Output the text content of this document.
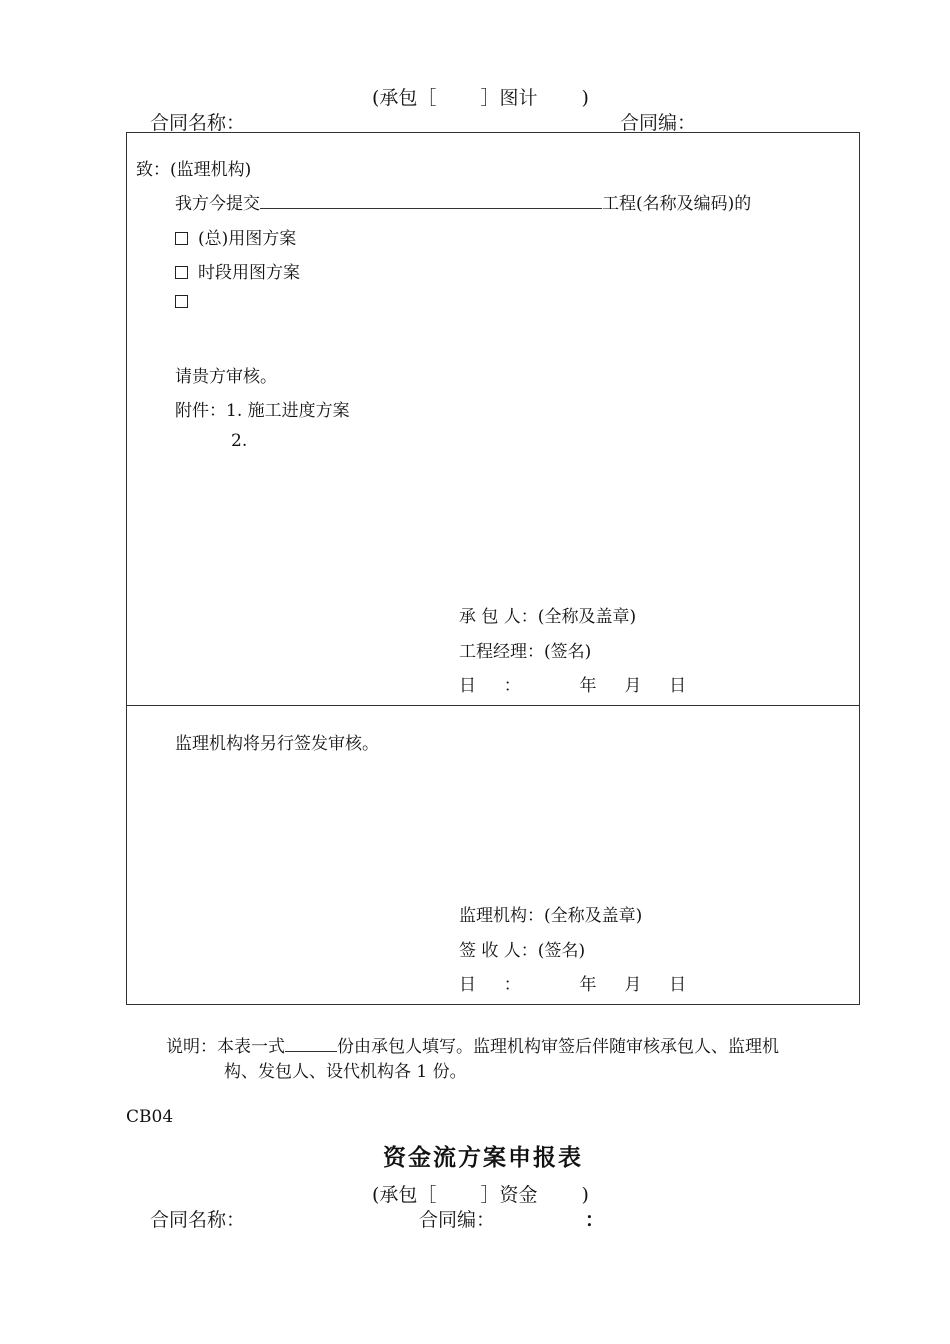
(承包［　　 ］图计　　 )
合同名称：	合同编：
致：(监理机构)
我方今提交	工程(名称及编码)的
(总)用图方案
时段用图方案
请贵方审核。
附件：1. 施工进度方案
2.
承 包 人：(全称及盖章)
工程经理：(签名)
日 　 ：　 　 　 年 　 月 　 日
监理机构将另行签发审核。
监理机构：(全称及盖章)
签 收 人：(签名)
日 　 ：　 　 　 年 　 月 　 日
说明：本表一式	份由承包人填写。监理机构审签后伴随审核承包人、监理机
构、发包人、设代机构各 1 份。
CB04
资金流方案申报表
(承包［　　 ］资金　　 )
合同名称：	合同编：	：
